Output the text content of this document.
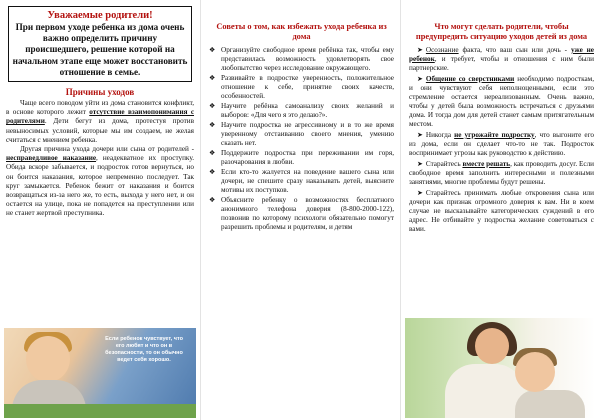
Уважаемые родители!
При первом уходе ребенка из дома очень важно определить причину происшедшего, решение которой на начальном этапе еще может восстановить отношение в семье.
Причины уходов

Чаще всего поводом уйти из дома становится конфликт, в основе которого лежит отсутствие взаимопонимания с родителями. Дети бегут из дома, протестуя против невыносимых условий, которые мы им создаем, не желая считаться с мнением ребенка.

Другая причина ухода дочери или сына от родителей - несправедливое наказание, неадекватное их проступку. Обида вскоре забывается, и подросток готов вернуться, но он боится наказания, которое непременно последует. Так круг замыкается. Ребенок бежит от наказания и боится возвращаться из-за него же, то есть, выхода у него нет, и он остается на улице, пока не попадется на преступлении или не станет жертвой преступника.

Если ребенок чувствует, что его любят и что он в безопасности, то он обычно ведет себя хорошо.
Советы о том, как избежать ухода ребенка из дома
❖ Организуйте свободное время ребёнка так, чтобы ему представилась возможность удовлетворять свое любопытство через исследование окружающего.
❖ Развивайте в подростке уверенность, положительное отношение к себе, принятие своих качеств, особенностей.
❖ Научите ребёнка самоанализу своих желаний и выборов: «Для чего я это делаю?».
❖ Научите подростка не агрессивному и в то же время уверенному отстаиванию своего мнения, умению сказать нет.
❖ Поддержите подростка при переживании им горя, разочарования в любви.
❖ Если кто-то жалуется на поведение вашего сына или дочери, не спешите сразу наказывать детей, выясните мотивы их поступков.
❖ Объясните ребенку о возможностях бесплатного анонимного телефона доверия (8-800-2000-122), позвонив по которому психологи обязательно помогут разрешить проблемы и родителям, и детям
Что могут сделать родители, чтобы предупредить ситуацию уходов детей из дома
➤ Осознание факта, что ваш сын или дочь - уже не ребенок, и требует, чтобы и отношения с ним были партнерские.
➤ Общение со сверстниками необходимо подросткам, и они чувствуют себя неполноценными, если это стремление остается нереализованным. Очень важно, чтобы у детей была возможность встречаться с друзьями дома. И тогда дом для детей станет самым притягательным местом.
➤ Никогда не угрожайте подростку, что выгоните его из дома, если он сделает что-то не так. Подросток воспринимает угрозы как руководство к действию.
➤ Старайтесь вместе решать, как проводить досуг. Если свободное время заполнить интересными и полезными занятиями, многие проблемы будут решены.
➤ Старайтесь принимать любые откровения сына или дочери как признак огромного доверия к вам. Ни в коем случае не высказывайте категорических суждений в его адрес. Не отбивайте у подростка желание советоваться с вами.
